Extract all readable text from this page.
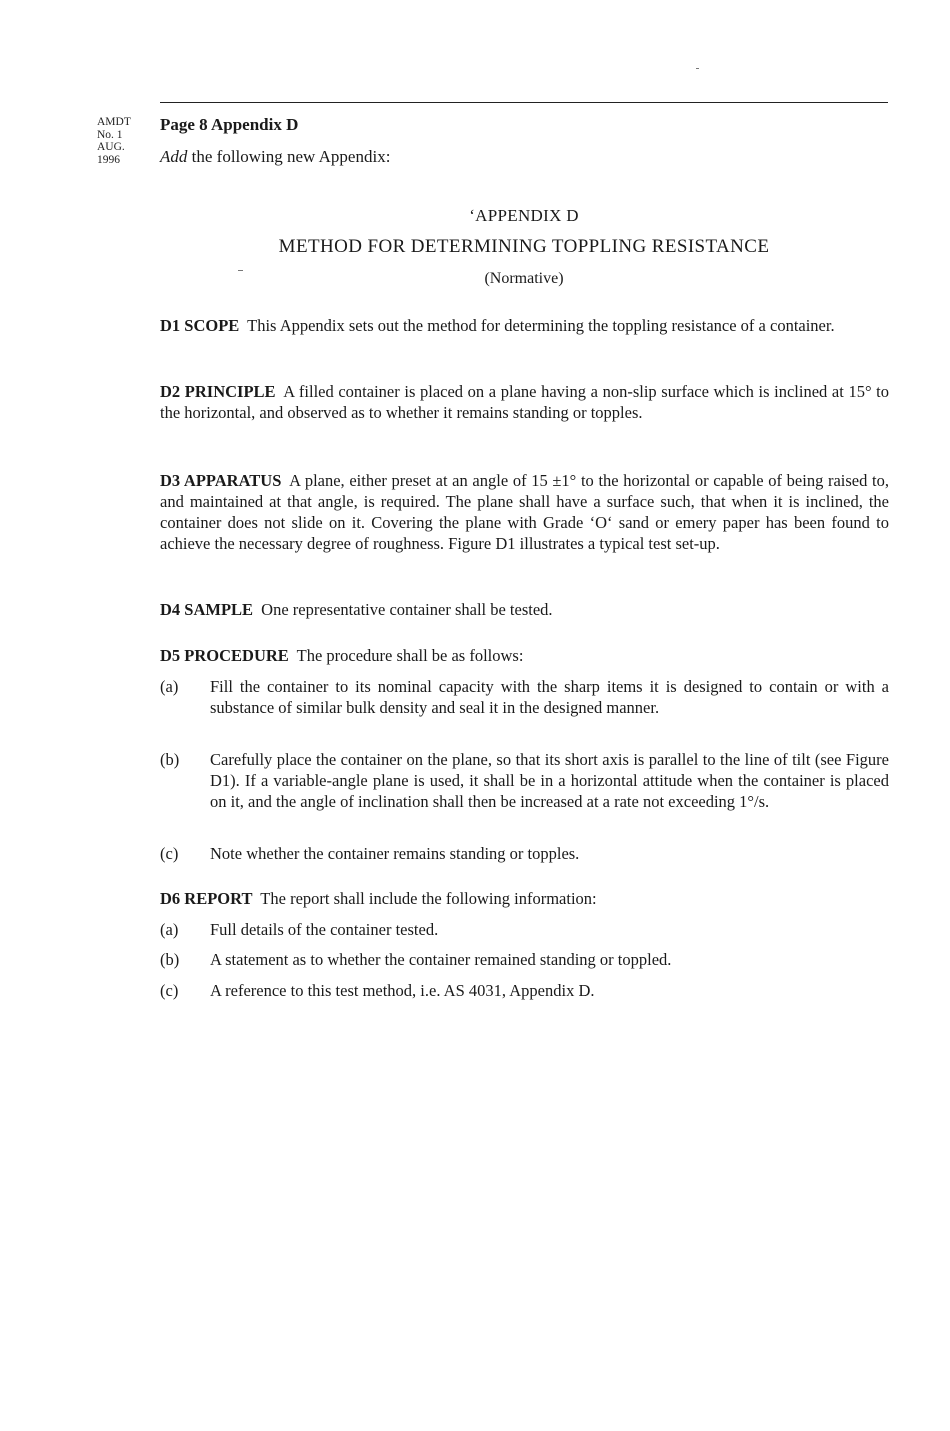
AMDT
No. 1
AUG.
1996
Page 8 Appendix D
Add the following new Appendix:
‘APPENDIX D
METHOD FOR DETERMINING TOPPLING RESISTANCE
(Normative)
D1 SCOPE This Appendix sets out the method for determining the toppling resistance of a container.
D2 PRINCIPLE A filled container is placed on a plane having a non-slip surface which is inclined at 15° to the horizontal, and observed as to whether it remains standing or topples.
D3 APPARATUS A plane, either preset at an angle of 15 ±1° to the horizontal or capable of being raised to, and maintained at that angle, is required. The plane shall have a surface such, that when it is inclined, the container does not slide on it. Covering the plane with Grade ‘O‘ sand or emery paper has been found to achieve the necessary degree of roughness. Figure D1 illustrates a typical test set-up.
D4 SAMPLE One representative container shall be tested.
D5 PROCEDURE The procedure shall be as follows:
(a)	Fill the container to its nominal capacity with the sharp items it is designed to contain or with a substance of similar bulk density and seal it in the designed manner.
(b)	Carefully place the container on the plane, so that its short axis is parallel to the line of tilt (see Figure D1). If a variable-angle plane is used, it shall be in a horizontal attitude when the container is placed on it, and the angle of inclination shall then be increased at a rate not exceeding 1°/s.
(c)	Note whether the container remains standing or topples.
D6 REPORT The report shall include the following information:
(a)	Full details of the container tested.
(b)	A statement as to whether the container remained standing or toppled.
(c)	A reference to this test method, i.e. AS 4031, Appendix D.
